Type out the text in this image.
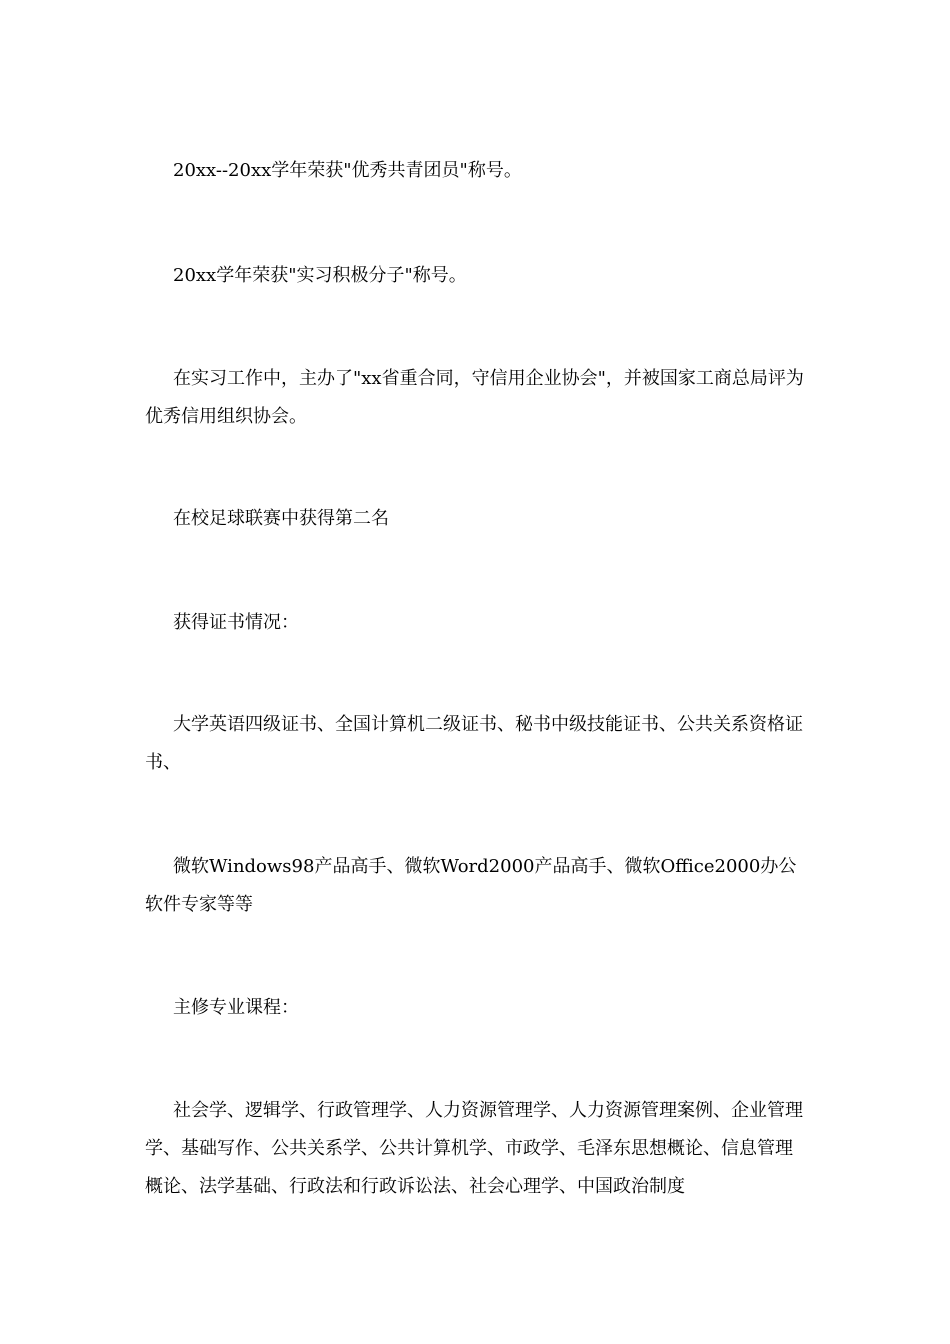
20xx--20xx学年荣获"优秀共青团员"称号。

20xx学年荣获"实习积极分子"称号。

在实习工作中，主办了"xx省重合同，守信用企业协会"，并被国家工商总局评为优秀信用组织协会。

在校足球联赛中获得第二名

获得证书情况：

大学英语四级证书、全国计算机二级证书、秘书中级技能证书、公共关系资格证书、

微软Windows98产品高手、微软Word2000产品高手、微软Office2000办公软件专家等等

主修专业课程：

社会学、逻辑学、行政管理学、人力资源管理学、人力资源管理案例、企业管理学、基础写作、公共关系学、公共计算机学、市政学、毛泽东思想概论、信息管理概论、法学基础、行政法和行政诉讼法、社会心理学、中国政治制度
